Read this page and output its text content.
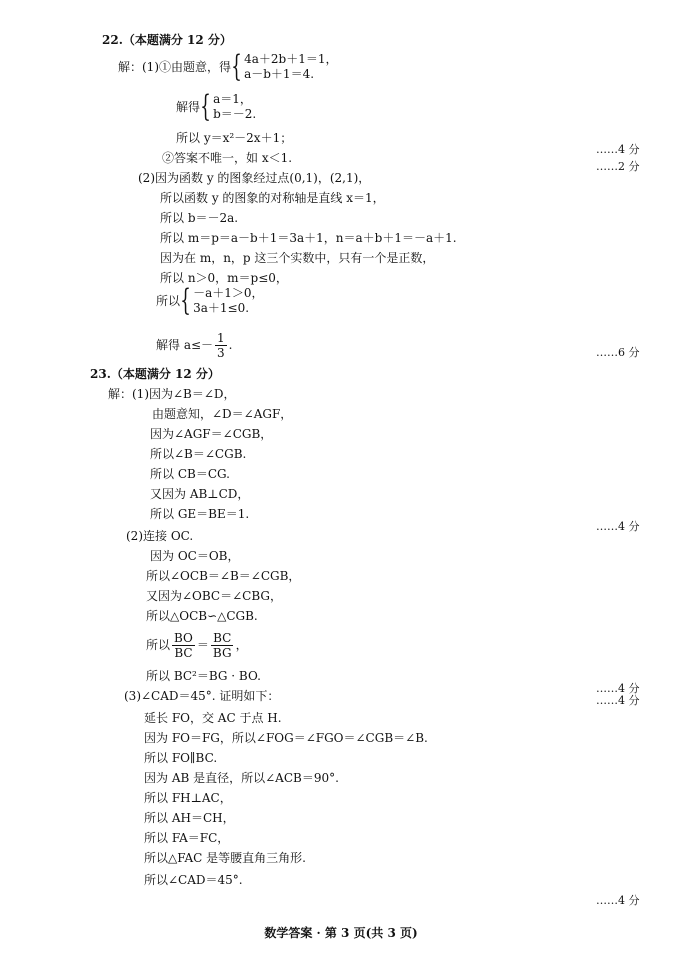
22.（本题满分 12 分）
解：(1)①由题意，得 { 4a＋2b＋1＝1，
a－b＋1＝4.
解得 { a＝1，
b＝－2.
所以 y＝x²－2x＋1；
②答案不唯一，如 x＜1.
(2)因为函数 y 的图象经过点(0,1)，(2,1)，
所以函数 y 的图象的对称轴是直线 x＝1，
所以 b＝－2a.
所以 m＝p＝a－b＋1＝3a＋1，n＝a＋b＋1＝－a＋1.
因为在 m，n，p 这三个实数中，只有一个是正数，
所以 n＞0，m＝p≤0，
所以 { －a＋1＞0，
3a＋1≤0.
解得 $a\le- \frac{1}{3}$ .
23.（本题满分 12 分）
解：(1)因为∠B＝∠D，
由题意知，∠D＝∠AGF，
因为∠AGF＝∠CGB，
所以∠B＝∠CGB.
所以 CB＝CG.
又因为 AB⊥CD，
所以 GE＝BE＝1.
(2)连接 OC.
因为 OC＝OB，
所以∠OCB＝∠B＝∠CGB，
又因为∠OBC＝∠CBG，
所以△OCB∽△CGB.
所以 $\frac{BO}{BC} = \frac{BC}{BG}$ ，
所以 BC²＝BG · BO.
(3)∠CAD＝45°. 证明如下：
延长 FO，交 AC 于点 H.
因为 FO＝FG，所以∠FOG＝∠FGO＝∠CGB＝∠B.
所以 FO∥BC.
因为 AB 是直径，所以∠ACB＝90°.
所以 FH⊥AC，
所以 AH＝CH，
所以 FA＝FC，
所以△FAC 是等腰直角三角形.
所以∠CAD＝45°.
……4 分
……2 分
……6 分
……4 分
……4 分
……4 分
……4 分
数学答案 · 第 3 页(共 3 页)
